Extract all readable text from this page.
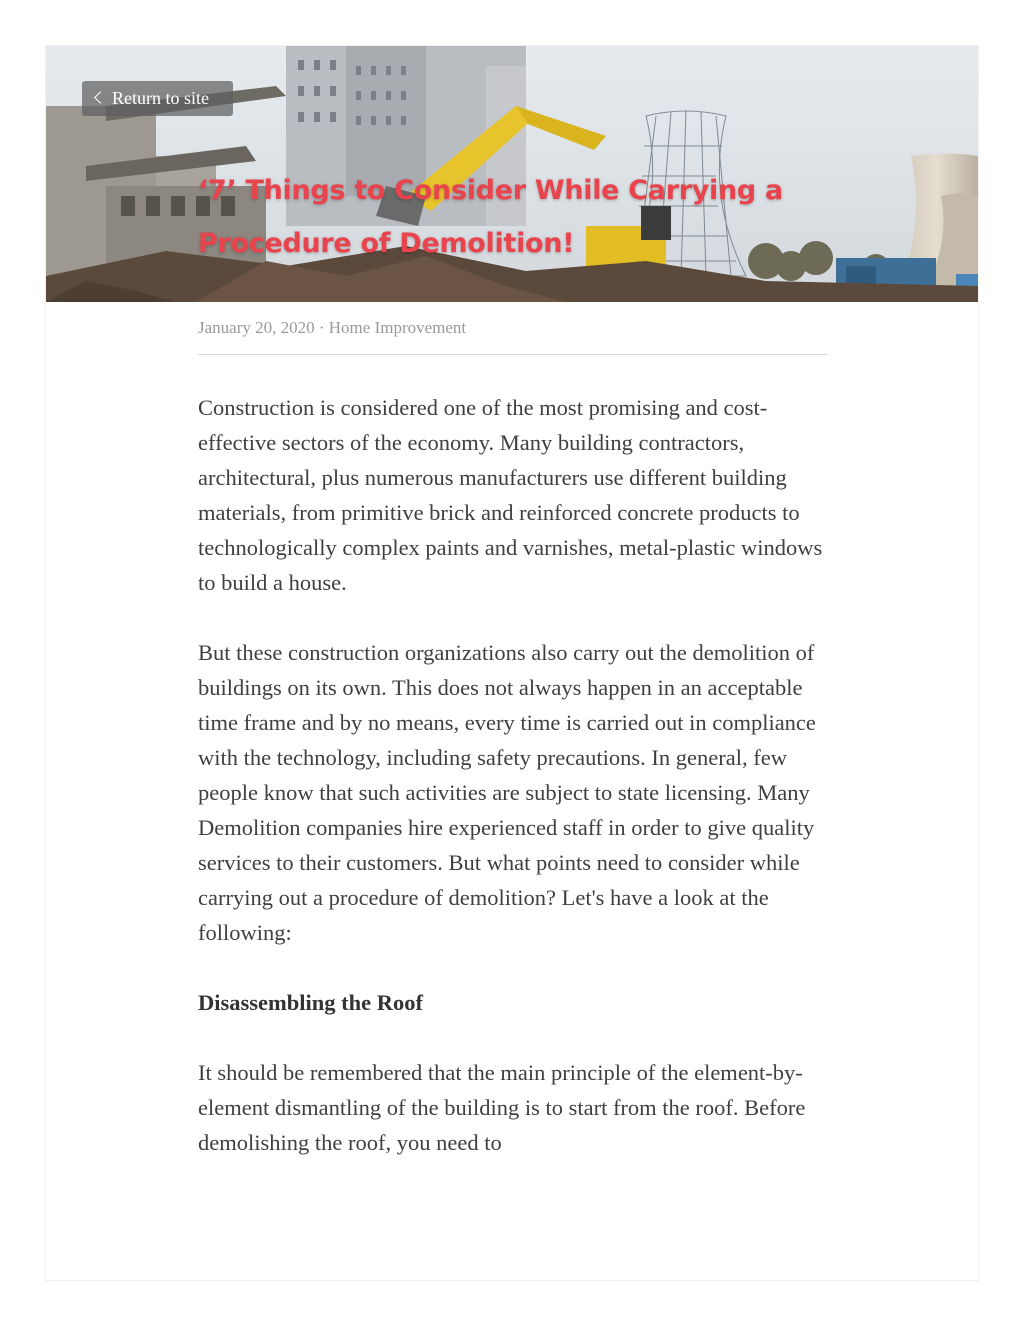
Return to site
‘7’ Things to Consider While Carrying a Procedure of Demolition!
January 20, 2020 · Home Improvement

Construction is considered one of the most promising and cost-effective sectors of the economy. Many building contractors, architectural, plus numerous manufacturers use different building materials, from primitive brick and reinforced concrete products to technologically complex paints and varnishes, metal-plastic windows to build a house.

But these construction organizations also carry out the demolition of buildings on its own. This does not always happen in an acceptable time frame and by no means, every time is carried out in compliance with the technology, including safety precautions. In general, few people know that such activities are subject to state licensing. Many Demolition companies hire experienced staff in order to give quality services to their customers. But what points need to consider while carrying out a procedure of demolition? Let's have a look at the following:

Disassembling the Roof

It should be remembered that the main principle of the element-by-element dismantling of the building is to start from the roof. Before demolishing the roof, you need to
